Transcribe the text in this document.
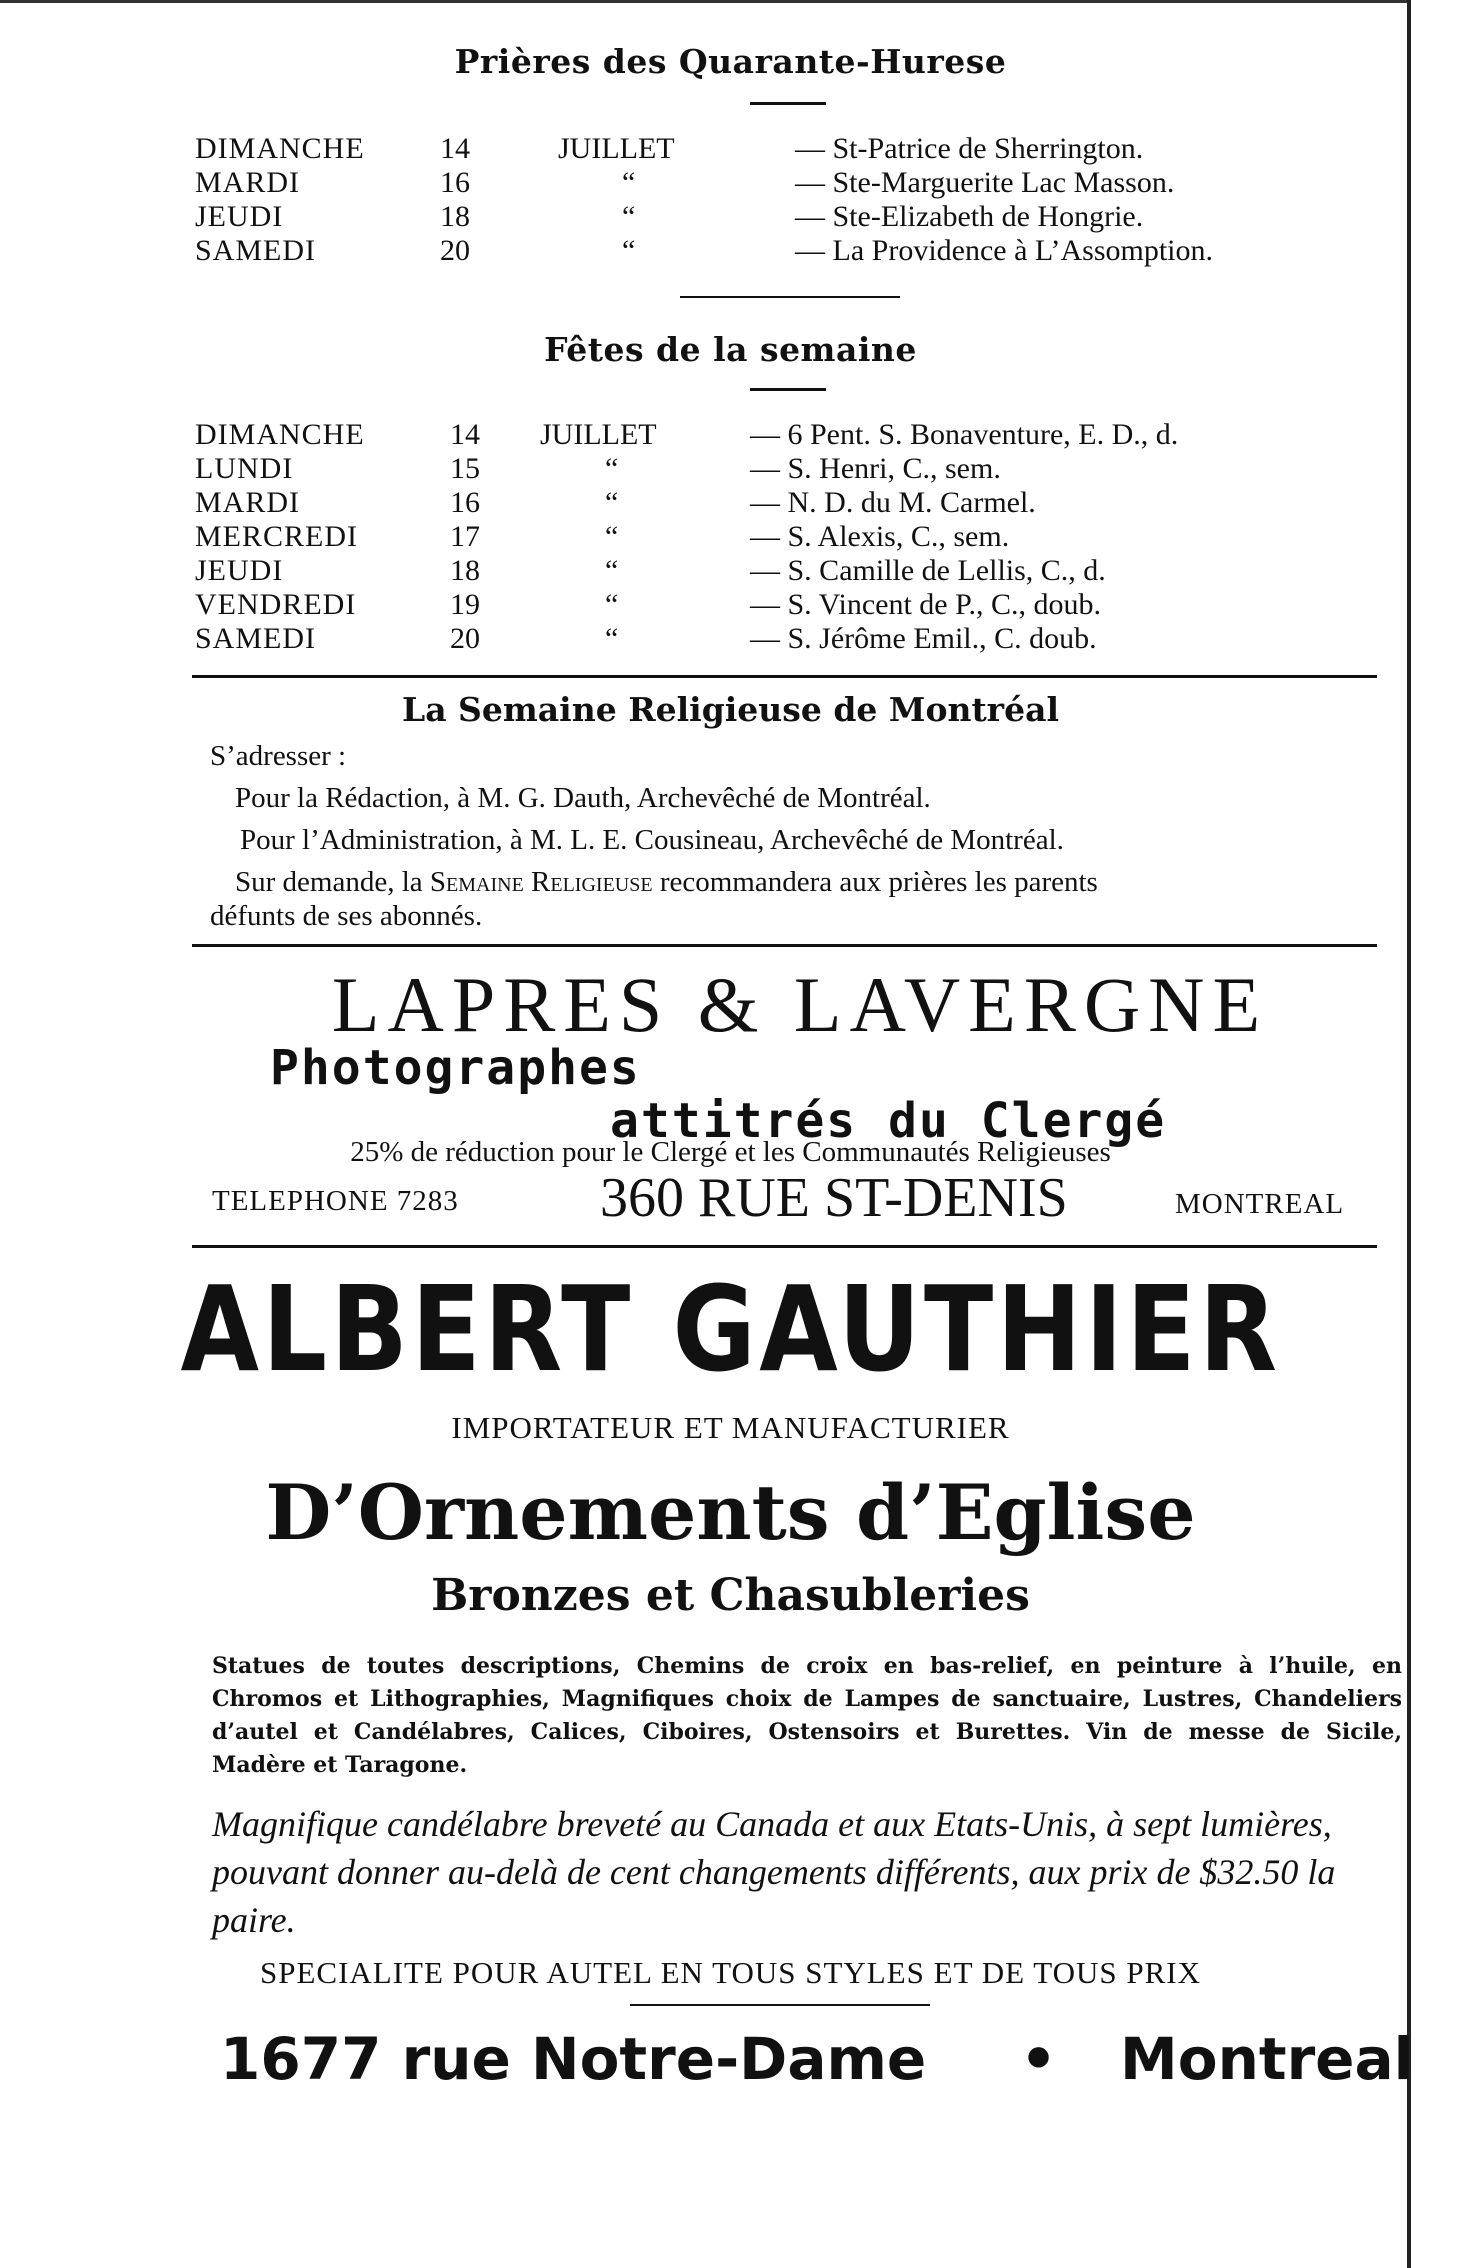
Prières des Quarante-Hurese
DIMANCHE	14	JUILLET	— St-Patrice de Sherrington.
MARDI	16	“	— Ste-Marguerite Lac Masson.
JEUDI	18	“	— Ste-Elizabeth de Hongrie.
SAMEDI	20	“	— La Providence à L’Assomption.
Fêtes de la semaine
DIMANCHE	14 JUILLET	— 6 Pent. S. Bonaventure, E. D., d.
LUNDI	15	“	— S. Henri, C., sem.
MARDI	16	“	— N. D. du M. Carmel.
MERCREDI	17	“	— S. Alexis, C., sem.
JEUDI	18	“	— S. Camille de Lellis, C., d.
VENDREDI	19	“	— S. Vincent de P., C., doub.
SAMEDI	20	“	— S. Jérôme Emil., C. doub.
La Semaine Religieuse de Montréal
S’adresser :
Pour la Rédaction, à M. G. Dauth, Archevêché de Montréal.
Pour l’Administration, à M. L. E. Cousineau, Archevêché de Montréal.
Sur demande, la Semaine Religieuse recommandera aux prières les parents
défunts de ses abonnés.
LAPRES & LAVERGNE
Photographes
attitrés du Clergé
25% de réduction pour le Clergé et les Communautés Religieuses
TELEPHONE 7283	360 RUE ST-DENIS	MONTREAL
ALBERT GAUTHIER
IMPORTATEUR ET MANUFACTURIER
D’Ornements d’Eglise
Bronzes et Chasubleries
Statues de toutes descriptions, Chemins de croix en bas-relief, en peinture à l’huile, en Chromos et Lithographies, Magnifiques choix de Lampes de sanctuaire, Lustres, Chandeliers d’autel et Candélabres, Calices, Ciboires, Ostensoirs et Burettes. Vin de messe de Sicile, Madère et Taragone.
Magnifique candélabre breveté au Canada et aux Etats-Unis, à sept lumières, pouvant donner au-delà de cent changements différents, aux prix de $32.50 la paire.
SPECIALITE POUR AUTEL EN TOUS STYLES ET DE TOUS PRIX
1677 rue Notre-Dame • Montreal
